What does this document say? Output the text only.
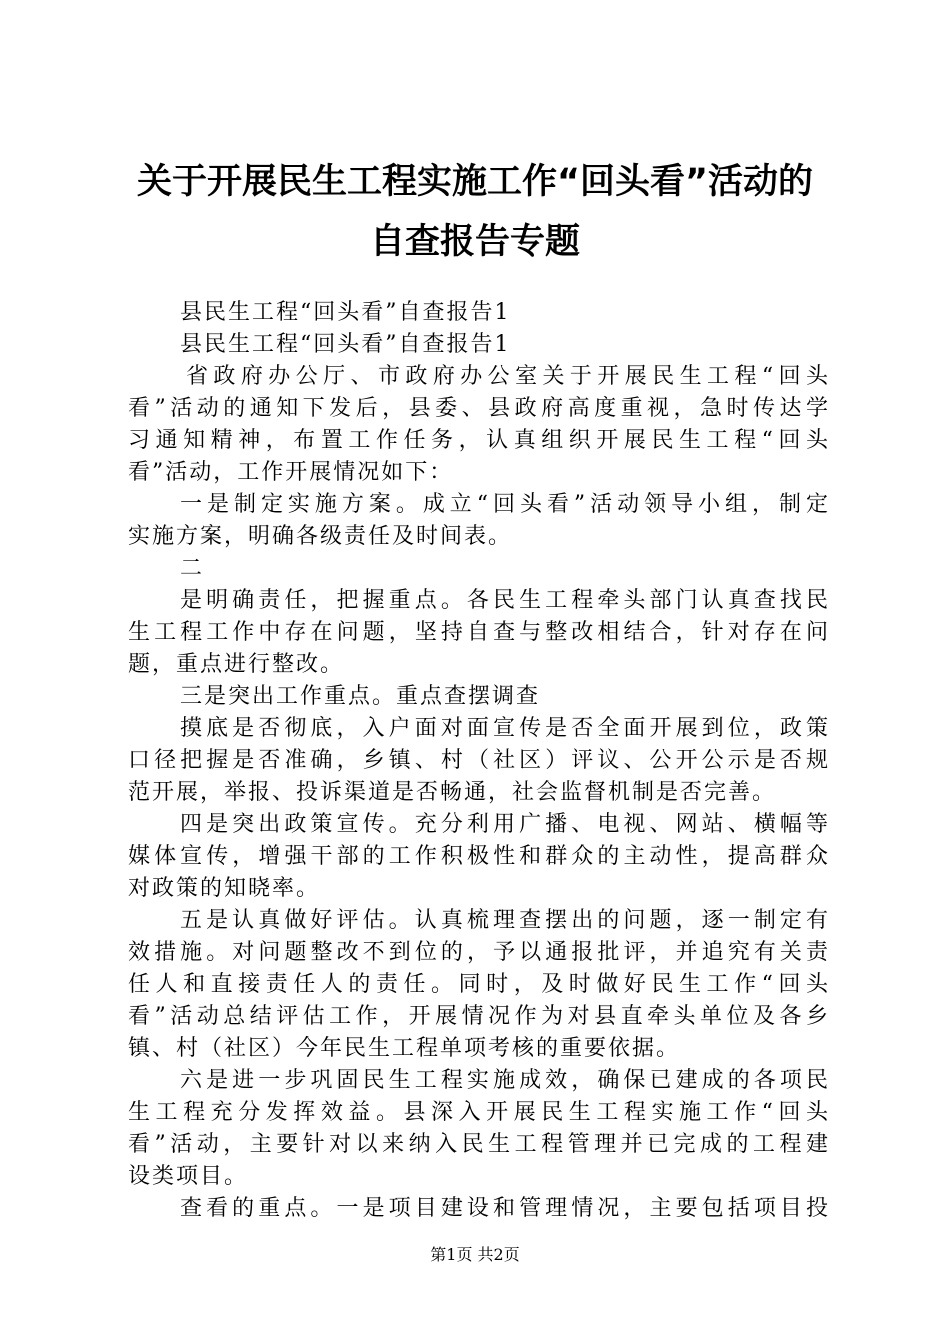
关于开展民生工程实施工作“回头看”活动的
自查报告专题
县民生工程“回头看”自查报告1
县民生工程“回头看”自查报告1
省政府办公厅、市政府办公室关于开展民生工程“回头
看”活动的通知下发后，县委、县政府高度重视，急时传达学
习通知精神，布置工作任务，认真组织开展民生工程“回头
看”活动，工作开展情况如下：
一是制定实施方案。成立“回头看”活动领导小组，制定
实施方案，明确各级责任及时间表。
二
是明确责任，把握重点。各民生工程牵头部门认真查找民
生工程工作中存在问题，坚持自查与整改相结合，针对存在问
题，重点进行整改。
三是突出工作重点。重点查摆调查
摸底是否彻底，入户面对面宣传是否全面开展到位，政策
口径把握是否准确，乡镇、村（社区）评议、公开公示是否规
范开展，举报、投诉渠道是否畅通，社会监督机制是否完善。
四是突出政策宣传。充分利用广播、电视、网站、横幅等
媒体宣传，增强干部的工作积极性和群众的主动性，提高群众
对政策的知晓率。
五是认真做好评估。认真梳理查摆出的问题，逐一制定有
效措施。对问题整改不到位的，予以通报批评，并追究有关责
任人和直接责任人的责任。同时，及时做好民生工作“回头
看”活动总结评估工作，开展情况作为对县直牵头单位及各乡
镇、村（社区）今年民生工程单项考核的重要依据。
六是进一步巩固民生工程实施成效，确保已建成的各项民
生工程充分发挥效益。县深入开展民生工程实施工作“回头
看”活动，主要针对以来纳入民生工程管理并已完成的工程建
设类项目。
查看的重点。一是项目建设和管理情况，主要包括项目投
第1页 共2页
